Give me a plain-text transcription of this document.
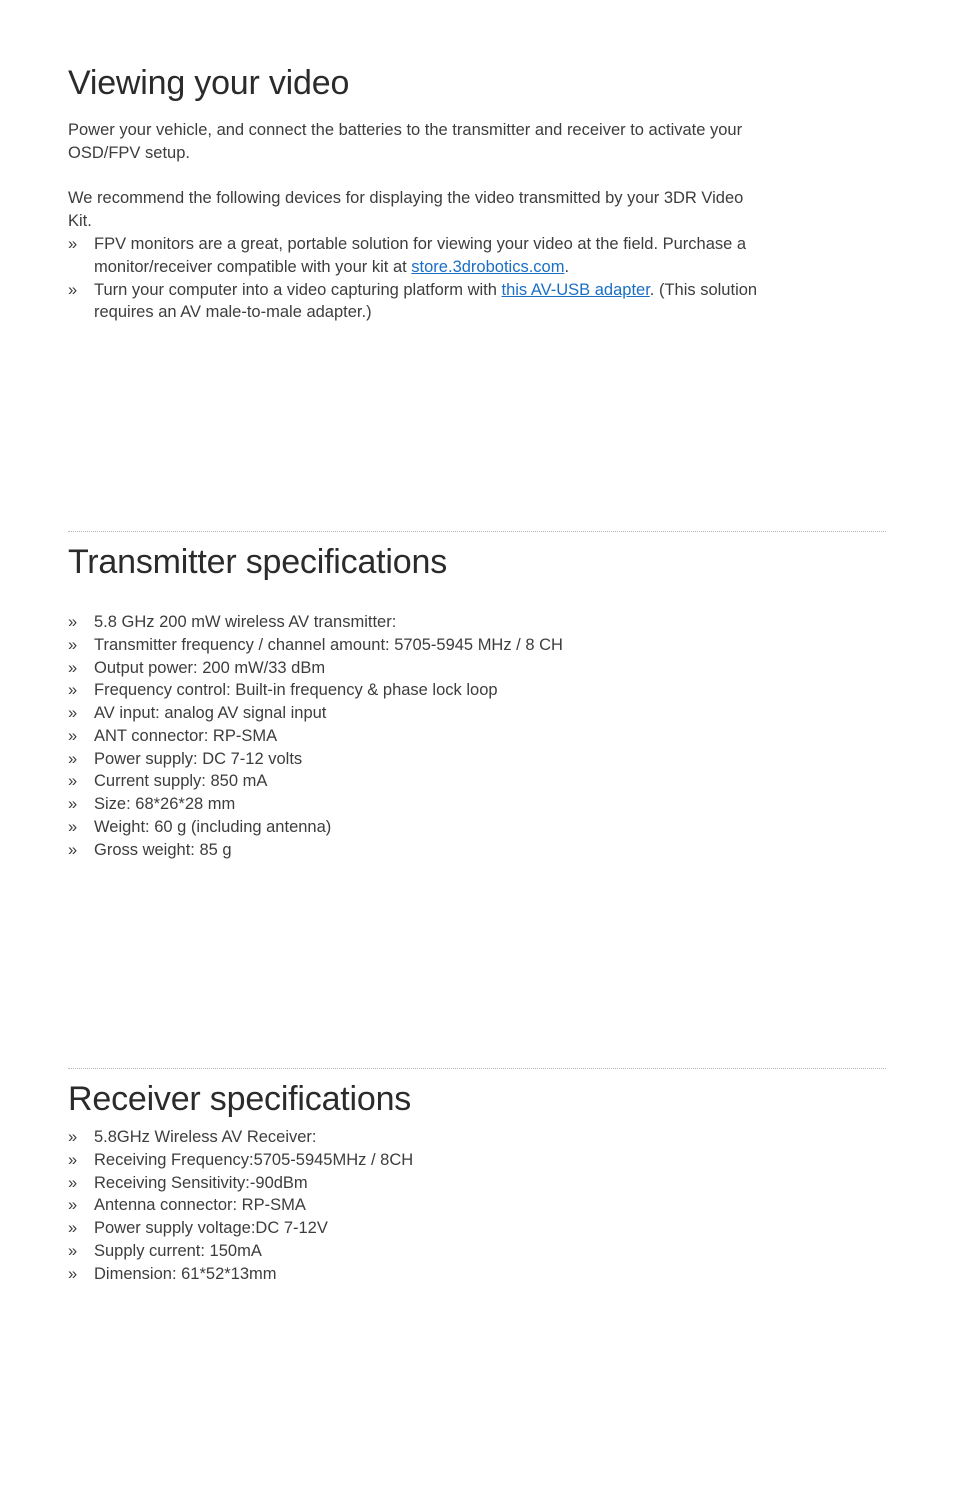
Viewing your video

Power your vehicle, and connect the batteries to the transmitter and receiver to activate your OSD/FPV setup.

We recommend the following devices for displaying the video transmitted by your 3DR Video Kit.

» FPV monitors are a great, portable solution for viewing your video at the field. Purchase a monitor/receiver compatible with your kit at store.3drobotics.com.
» Turn your computer into a video capturing platform with this AV-USB adapter. (This solution requires an AV male-to-male adapter.)
Transmitter specifications
» 5.8 GHz 200 mW wireless AV transmitter:
» Transmitter frequency / channel amount: 5705-5945 MHz / 8 CH
» Output power: 200 mW/33 dBm
» Frequency control: Built-in frequency & phase lock loop
» AV input: analog AV signal input
» ANT connector: RP-SMA
» Power supply: DC 7-12 volts
» Current supply: 850 mA
» Size: 68*26*28 mm
» Weight: 60 g (including antenna)
» Gross weight: 85 g
Receiver specifications
» 5.8GHz Wireless AV Receiver:
» Receiving Frequency:5705-5945MHz / 8CH
» Receiving Sensitivity:-90dBm
» Antenna connector: RP-SMA
» Power supply voltage:DC 7-12V
» Supply current: 150mA
» Dimension: 61*52*13mm
